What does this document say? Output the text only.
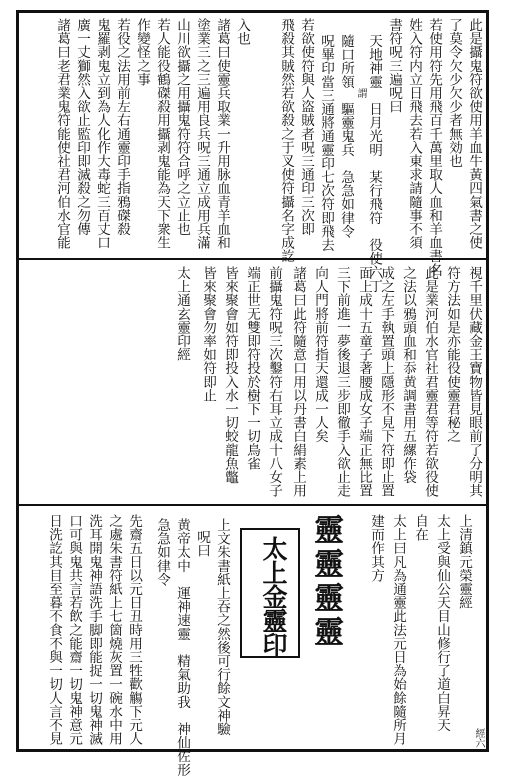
此是攝鬼符欲使用羊血牛黃四氣書之使
了莫令欠少欠少者無効也
若使用符先用飛百千萬里取人血和羊血書名
姓入符内立日飛去若入東求請隨事不須
書符呪三遍呪曰
天地神靈　日月光明　某行飛符　役使六丁
謂
隨口所領　驅靈鬼兵　急急如律令
呪畢印當三通將通靈印七次符即飛去
若欲使符與人盗賊者呪三通印三次即
飛殺其賊然若欲殺之于叉使符攝名字成訖
入也
諸葛曰使靈兵取業一升用脉血青羊血和
塗業三之三遍用良兵呪三通立成用兵滿
山川欲攝之用攝鬼符符合呼之立止也
若人能役鶴磔殺用攝剥鬼能為天下衆生
作變怪之事
若役之法用前左右通靈印手指鴉磔殺
鬼羅剥鬼立到為人化作大毒蛇三百丈口
廣一丈獅然入欲止監印即滅殺之勿傳
諸葛曰老君業鬼符能使社君河伯水官能
視千里伏藏金王寶物皆見眼前了分明其
符方法如是亦能役使靈君秘之
此是業河伯水官社君靈君等符若欲役使
之法以鴉頭血和忝黄調書用五縲作袋
成之左手執置頭上隱形不見下符即止置
面上成十五童子著腰成女子端正無比置
三下前進一夢後退三步即徹手入欲止走
向人門將前符指天還成一人矣
諸葛曰此符隨意口用以丹書白絹素上用
前攝鬼符呪三次鑿符右耳立成十八女子
端正世无雙即符投於樹下一切鳥雀
皆來聚會如符即投入水一切蛟龍魚鼈
皆來聚會勿率如符即止
太上通玄靈印經
經六
上清鎮元榮靈經
太上受與仙公天目山修行了道白昇天
自在
太上曰凡為通靈此法元日為始餘隨所月
建而作其方
靈
靈
靈
靈
太
上
金
靈
印
上文朱書紙上吞之然後可行餘文神驗
呪曰
黄帝太中　運神速靈　精氣助我　神仙佐形
急急如律令
先齋五日以元日丑時用三牲歡觴下元人
之處朱書符紙上七箇燒灰置一碗水中用
洗耳開鬼神語洗手脚即能捉一切鬼神滅
口可與鬼共言若飲之能齋一切鬼神意元
日洗訖其目至暮不食不與一切人言不見
